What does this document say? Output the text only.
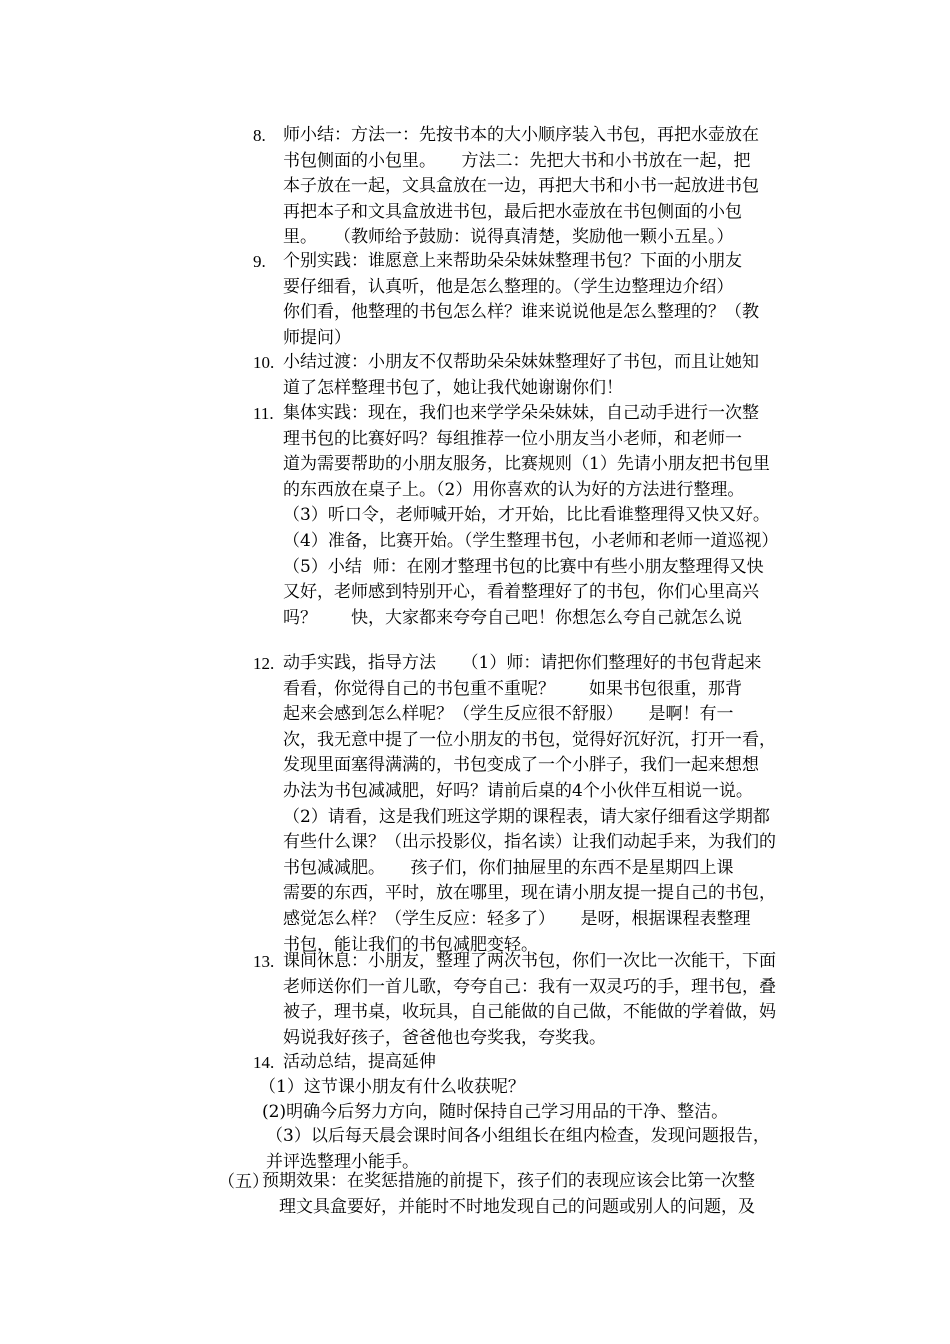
8. 师小结：方法一：先按书本的大小顺序装入书包，再把水壶放在
书包侧面的小包里。　　方法二：先把大书和小书放在一起，把
本子放在一起，文具盒放在一边，再把大书和小书一起放进书包
再把本子和文具盒放进书包，最后把水壶放在书包侧面的小包
里。　　（教师给予鼓励：说得真清楚，奖励他一颗小五星。）

9. 个别实践：谁愿意上来帮助朵朵妹妹整理书包？下面的小朋友
要仔细看，认真听，他是怎么整理的。（学生边整理边介绍）
你们看，他整理的书包怎么样？谁来说说他是怎么整理的？（教
师提问）

10. 小结过渡：小朋友不仅帮助朵朵妹妹整理好了书包，而且让她知
道了怎样整理书包了，她让我代她谢谢你们！

11. 集体实践：现在，我们也来学学朵朵妹妹，自己动手进行一次整
理书包的比赛好吗？每组推荐一位小朋友当小老师，和老师一
道为需要帮助的小朋友服务，比赛规则（1）先请小朋友把书包里
的东西放在桌子上。（2）用你喜欢的认为好的方法进行整理。
（3）听口令，老师喊开始，才开始，比比看谁整理得又快又好。
（4）准备，比赛开始。（学生整理书包，小老师和老师一道巡视）
（5）小结  师：在刚才整理书包的比赛中有些小朋友整理得又快
又好，老师感到特别开心，看着整理好了的书包，你们心里高兴
吗？　　快，大家都来夸夸自己吧！你想怎么夸自己就怎么说

12. 动手实践，指导方法　　（1）师：请把你们整理好的书包背起来
看看，你觉得自己的书包重不重呢？　　如果书包很重，那背
起来会感到怎么样呢？（学生反应很不舒服）　　是啊！有一
次，我无意中提了一位小朋友的书包，觉得好沉好沉，打开一看，
发现里面塞得满满的，书包变成了一个小胖子，我们一起来想想
办法为书包减减肥，好吗？请前后桌的4个小伙伴互相说一说。
（2）请看，这是我们班这学期的课程表，请大家仔细看这学期都
有些什么课？（出示投影仪，指名读）让我们动起手来，为我们的
书包减减肥。　　孩子们，你们抽屉里的东西不是星期四上课
需要的东西，平时，放在哪里，现在请小朋友提一提自己的书包，
感觉怎么样？（学生反应：轻多了）　　是呀，根据课程表整理
书包，能让我们的书包减肥变轻。

13. 课间休息：小朋友，整理了两次书包，你们一次比一次能干，下面
老师送你们一首儿歌，夸夸自己：我有一双灵巧的手，理书包，叠
被子，理书桌，收玩具，自己能做的自己做，不能做的学着做，妈
妈说我好孩子，爸爸他也夸奖我，夸奖我。

14. 活动总结，提高延伸

（1）这节课小朋友有什么收获呢？

(2)明确今后努力方向，随时保持自己学习用品的干净、整洁。

（3）以后每天晨会课时间各小组组长在组内检查，发现问题报告，
并评选整理小能手。

（五）

预期效果：在奖惩措施的前提下，孩子们的表现应该会比第一次整
　理文具盒要好，并能时不时地发现自己的问题或别人的问题，及
